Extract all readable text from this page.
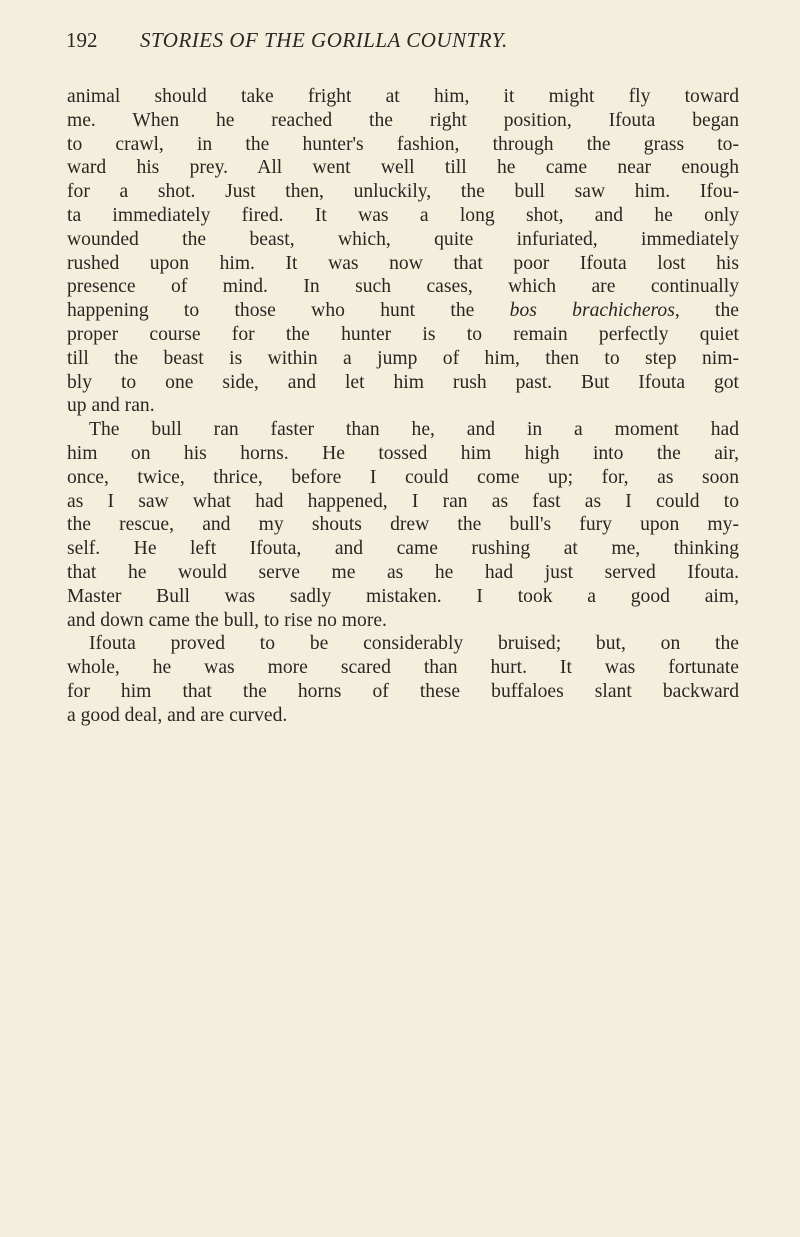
192 STORIES OF THE GORILLA COUNTRY.
animal should take fright at him, it might fly toward
me. When he reached the right position, Ifouta began
to crawl, in the hunter's fashion, through the grass to-
ward his prey. All went well till he came near enough
for a shot. Just then, unluckily, the bull saw him. Ifou-
ta immediately fired. It was a long shot, and he only
wounded the beast, which, quite infuriated, immediately
rushed upon him. It was now that poor Ifouta lost his
presence of mind. In such cases, which are continually
happening to those who hunt the bos brachicheros, the
proper course for the hunter is to remain perfectly quiet
till the beast is within a jump of him, then to step nim-
bly to one side, and let him rush past. But Ifouta got
up and ran.
The bull ran faster than he, and in a moment had
him on his horns. He tossed him high into the air,
once, twice, thrice, before I could come up; for, as soon
as I saw what had happened, I ran as fast as I could to
the rescue, and my shouts drew the bull's fury upon my-
self. He left Ifouta, and came rushing at me, thinking
that he would serve me as he had just served Ifouta.
Master Bull was sadly mistaken. I took a good aim,
and down came the bull, to rise no more.
Ifouta proved to be considerably bruised; but, on the
whole, he was more scared than hurt. It was fortunate
for him that the horns of these buffaloes slant backward
a good deal, and are curved.
